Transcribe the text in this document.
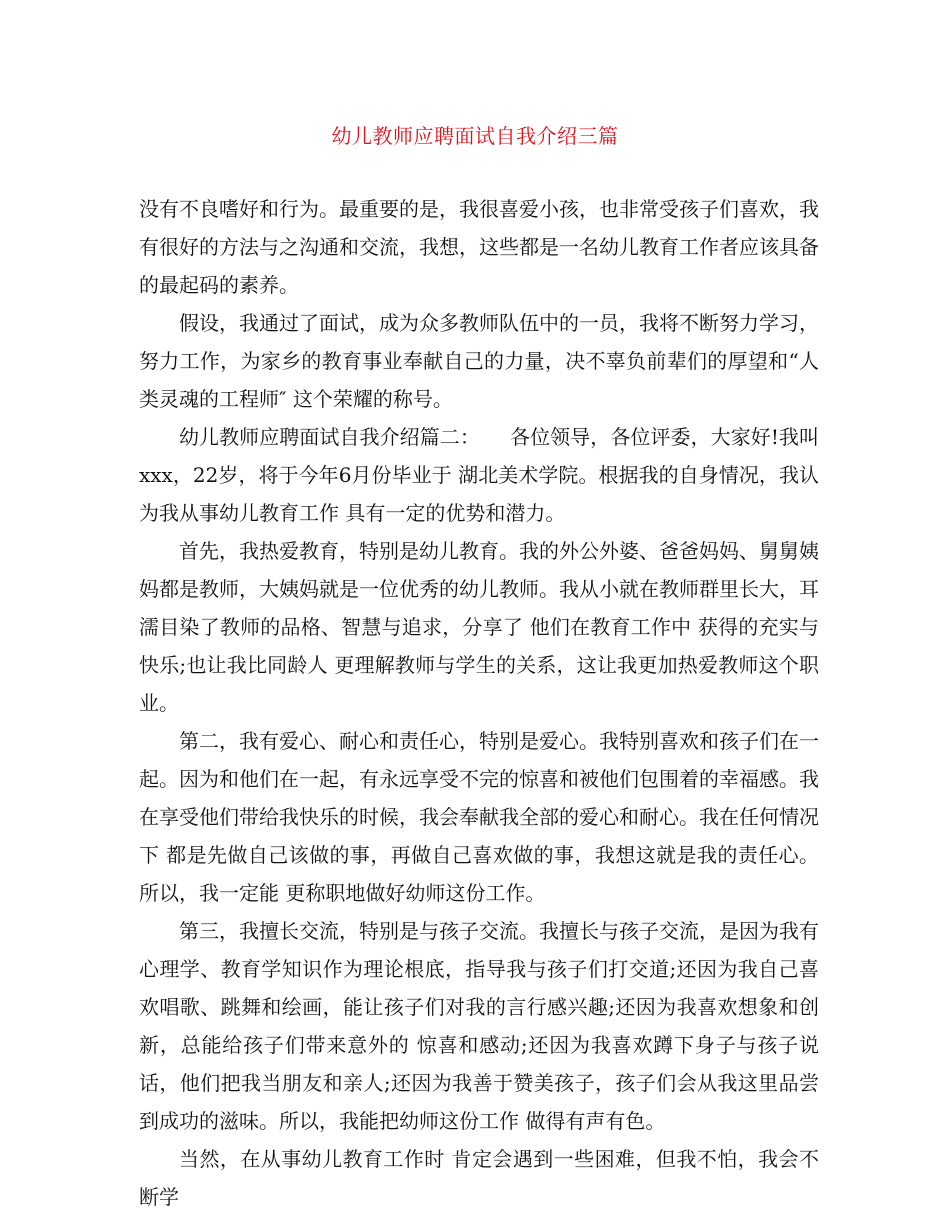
幼儿教师应聘面试自我介绍三篇

没有不良嗜好和行为。最重要的是，我很喜爱小孩，也非常受孩子们喜欢，我有很好的方法与之沟通和交流，我想，这些都是一名幼儿教育工作者应该具备的最起码的素养。

假设，我通过了面试，成为众多教师队伍中的一员，我将不断努力学习，努力工作，为家乡的教育事业奉献自己的力量，决不辜负前辈们的厚望和“人类灵魂的工程师″ 这个荣耀的称号。

幼儿教师应聘面试自我介绍篇二：　　各位领导，各位评委，大家好!我叫xxx，22岁，将于今年6月份毕业于 湖北美术学院。根据我的自身情况，我认为我从事幼儿教育工作 具有一定的优势和潜力。

首先，我热爱教育，特别是幼儿教育。我的外公外婆、爸爸妈妈、舅舅姨妈都是教师，大姨妈就是一位优秀的幼儿教师。我从小就在教师群里长大，耳濡目染了教师的品格、智慧与追求，分享了 他们在教育工作中 获得的充实与快乐;也让我比同龄人 更理解教师与学生的关系，这让我更加热爱教师这个职业。

第二，我有爱心、耐心和责任心，特别是爱心。我特别喜欢和孩子们在一起。因为和他们在一起，有永远享受不完的惊喜和被他们包围着的幸福感。我在享受他们带给我快乐的时候，我会奉献我全部的爱心和耐心。我在任何情况下 都是先做自己该做的事，再做自己喜欢做的事，我想这就是我的责任心。所以，我一定能 更称职地做好幼师这份工作。

第三，我擅长交流，特别是与孩子交流。我擅长与孩子交流，是因为我有心理学、教育学知识作为理论根底，指导我与孩子们打交道;还因为我自己喜欢唱歌、跳舞和绘画，能让孩子们对我的言行感兴趣;还因为我喜欢想象和创新，总能给孩子们带来意外的 惊喜和感动;还因为我喜欢蹲下身子与孩子说话，他们把我当朋友和亲人;还因为我善于赞美孩子，孩子们会从我这里品尝到成功的滋味。所以，我能把幼师这份工作 做得有声有色。

当然，在从事幼儿教育工作时 肯定会遇到一些困难，但我不怕，我会不断学
